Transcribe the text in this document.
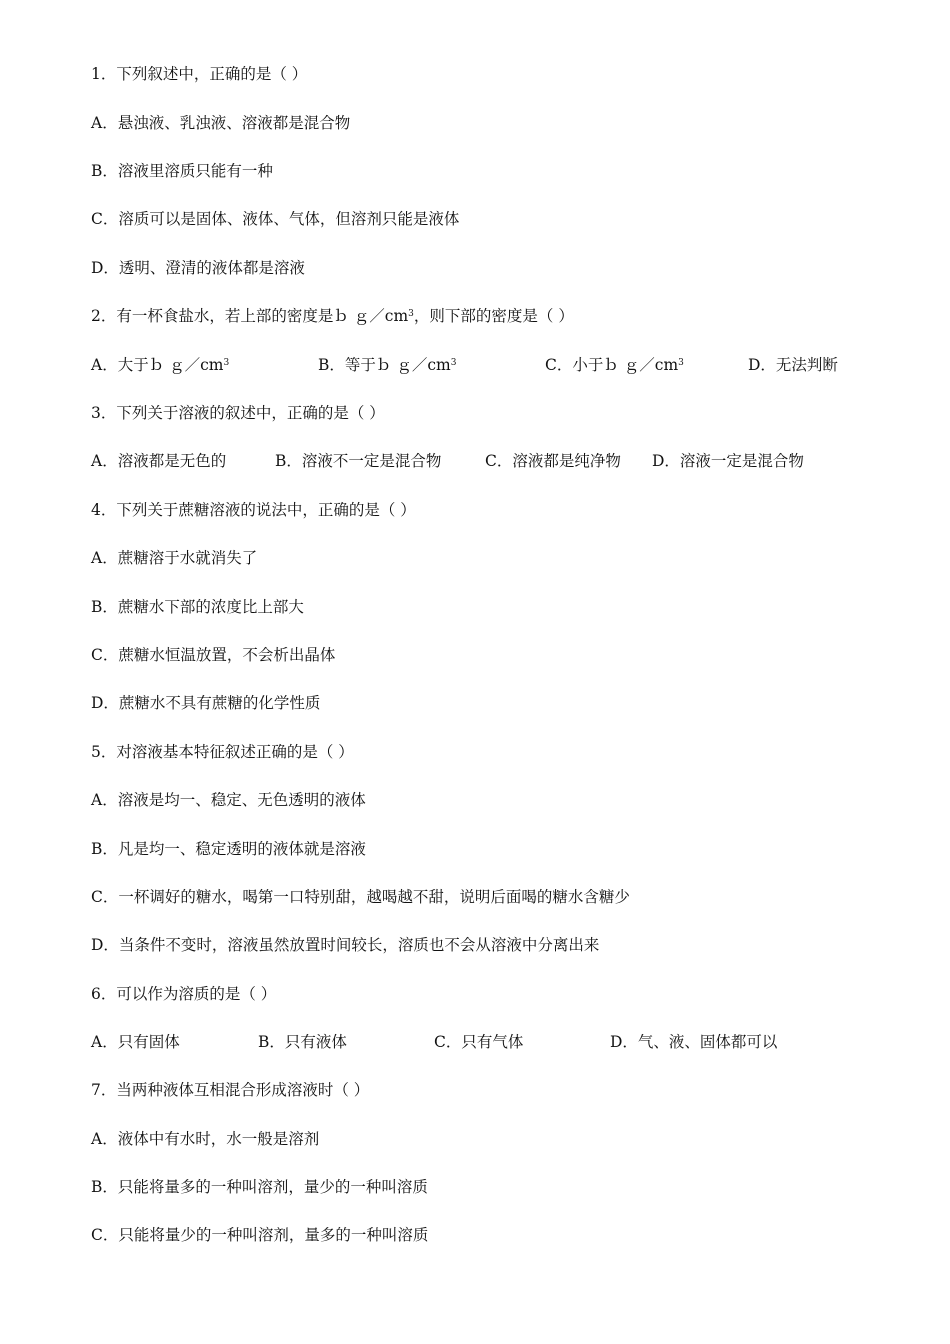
1．下列叙述中，正确的是（ ）
A．悬浊液、乳浊液、溶液都是混合物
B．溶液里溶质只能有一种
C．溶质可以是固体、液体、气体，但溶剂只能是液体
D．透明、澄清的液体都是溶液
2．有一杯食盐水，若上部的密度是ｂ $g/cm^3$，则下部的密度是（ ）
A．大于ｂ $g/cm^3$	B．等于ｂ $g/cm^3$	C．小于ｂ $g/cm^3$	D．无法判断
3．下列关于溶液的叙述中，正确的是（ ）
A．溶液都是无色的	B．溶液不一定是混合物	C．溶液都是纯净物 D．溶液一定是混合物
4．下列关于蔗糖溶液的说法中，正确的是（ ）
A．蔗糖溶于水就消失了
B．蔗糖水下部的浓度比上部大
C．蔗糖水恒温放置，不会析出晶体
D．蔗糖水不具有蔗糖的化学性质
5．对溶液基本特征叙述正确的是（ ）
A．溶液是均一、稳定、无色透明的液体
B．凡是均一、稳定透明的液体就是溶液
C．一杯调好的糖水，喝第一口特别甜，越喝越不甜，说明后面喝的糖水含糖少
D．当条件不变时，溶液虽然放置时间较长，溶质也不会从溶液中分离出来
6．可以作为溶质的是（ ）
A．只有固体	B．只有液体	C．只有气体	D．气、液、固体都可以
7．当两种液体互相混合形成溶液时（ ）
A．液体中有水时，水一般是溶剂
B．只能将量多的一种叫溶剂，量少的一种叫溶质
C．只能将量少的一种叫溶剂，量多的一种叫溶质
